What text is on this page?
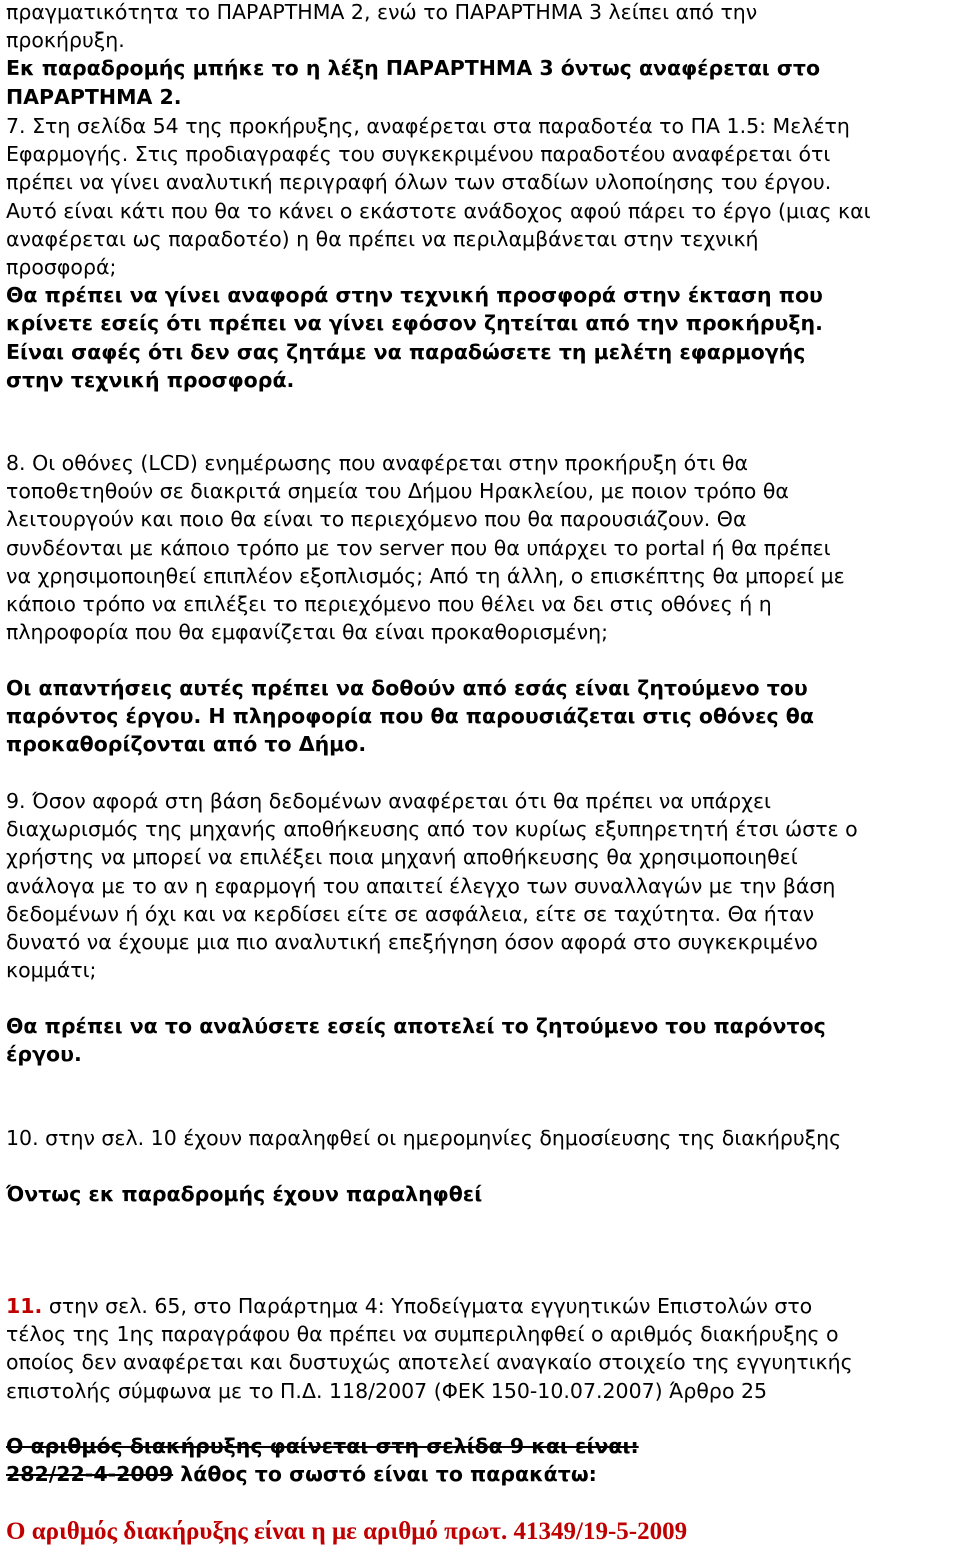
πραγματικότητα το ΠΑΡΑΡΤΗΜΑ 2, ενώ το ΠΑΡΑΡΤΗΜΑ 3 λείπει από την
προκήρυξη.
Εκ παραδρομής μπήκε το η λέξη ΠΑΡΑΡΤΗΜΑ 3 όντως αναφέρεται στο
ΠΑΡΑΡΤΗΜΑ 2.
7. Στη σελίδα 54 της προκήρυξης, αναφέρεται στα παραδοτέα το ΠΑ 1.5: Μελέτη
Εφαρμογής. Στις προδιαγραφές του συγκεκριμένου παραδοτέου αναφέρεται ότι
πρέπει να γίνει αναλυτική περιγραφή όλων των σταδίων υλοποίησης του έργου.
Αυτό είναι κάτι που θα το κάνει ο εκάστοτε ανάδοχος αφού πάρει το έργο (μιας και
αναφέρεται ως παραδοτέο) η θα πρέπει να περιλαμβάνεται στην τεχνική
προσφορά;
Θα πρέπει να γίνει αναφορά στην τεχνική προσφορά στην έκταση που
κρίνετε εσείς ότι πρέπει να γίνει εφόσον ζητείται από την προκήρυξη.
Είναι σαφές ότι δεν σας ζητάμε να παραδώσετε τη μελέτη εφαρμογής
στην τεχνική προσφορά.
8. Οι οθόνες (LCD) ενημέρωσης που αναφέρεται στην προκήρυξη ότι θα
τοποθετηθούν σε διακριτά σημεία του Δήμου Ηρακλείου, με ποιον τρόπο θα
λειτουργούν και ποιο θα είναι το περιεχόμενο που θα παρουσιάζουν. Θα
συνδέονται με κάποιο τρόπο με τον server που θα υπάρχει το portal ή θα πρέπει
να χρησιμοποιηθεί επιπλέον εξοπλισμός; Από τη άλλη, ο επισκέπτης θα μπορεί με
κάποιο τρόπο να επιλέξει το περιεχόμενο που θέλει να δει στις οθόνες ή η
πληροφορία που θα εμφανίζεται θα είναι προκαθορισμένη;
Οι απαντήσεις αυτές πρέπει να δοθούν από εσάς είναι ζητούμενο του
παρόντος έργου. Η πληροφορία που θα παρουσιάζεται στις οθόνες θα
προκαθορίζονται από το Δήμο.
9. Όσον αφορά στη βάση δεδομένων αναφέρεται ότι θα πρέπει να υπάρχει
διαχωρισμός της μηχανής αποθήκευσης από τον κυρίως εξυπηρετητή έτσι ώστε ο
χρήστης να μπορεί να επιλέξει ποια μηχανή αποθήκευσης θα χρησιμοποιηθεί
ανάλογα με το αν η εφαρμογή του απαιτεί έλεγχο των συναλλαγών με την βάση
δεδομένων ή όχι και να κερδίσει είτε σε ασφάλεια, είτε σε ταχύτητα. Θα ήταν
δυνατό να έχουμε μια πιο αναλυτική επεξήγηση όσον αφορά στο συγκεκριμένο
κομμάτι;
Θα πρέπει να το αναλύσετε εσείς αποτελεί το ζητούμενο του παρόντος
έργου.
10. στην σελ. 10 έχουν παραληφθεί οι ημερομηνίες δημοσίευσης της διακήρυξης
Όντως εκ παραδρομής έχουν παραληφθεί
11. στην σελ. 65, στο Παράρτημα 4: Υποδείγματα εγγυητικών Επιστολών στο
τέλος της 1ης παραγράφου θα πρέπει να συμπεριληφθεί ο αριθμός διακήρυξης ο
οποίος δεν αναφέρεται και δυστυχώς αποτελεί αναγκαίο στοιχείο της εγγυητικής
επιστολής σύμφωνα με το Π.Δ. 118/2007 (ΦΕΚ 150-10.07.2007) Άρθρο 25
Ο αριθμός διακήρυξης φαίνεται στη σελίδα 9 και είναι:
282/22-4-2009 λάθος το σωστό είναι το παρακάτω:
Ο αριθμός διακήρυξης είναι η με αριθμό πρωτ. 41349/19-5-2009
